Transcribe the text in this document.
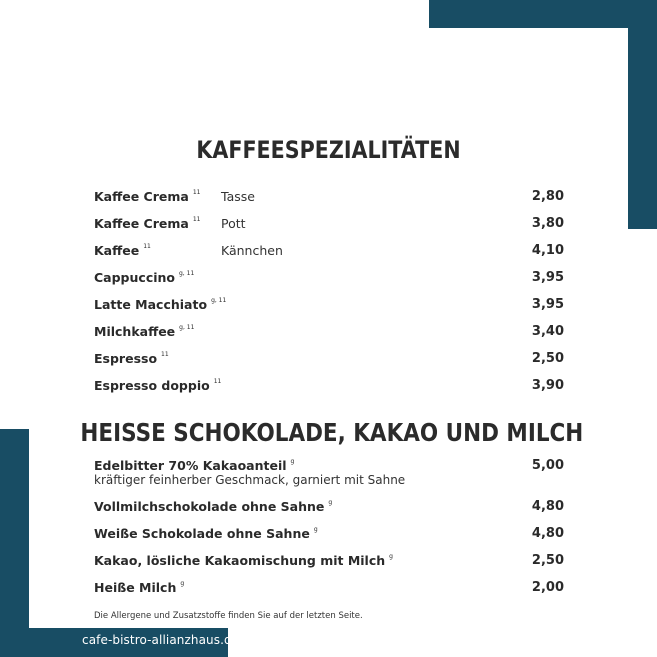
cafe-bistro-allianzhaus.de
KAFFEESPEZIALITÄTEN
Kaffee Crema $^{11}$ Tasse	2,80
Kaffee Crema $^{11}$ Pott	3,80
Kaffee $^{11}$	Kännchen	4,10
Cappuccino $^{g, 11}$	3,95
Latte Macchiato $^{g, 11}$	3,95
Milchkaffee $^{g, 11}$	3,40
Espresso $^{11}$	2,50
Espresso doppio $^{11}$	3,90
HEISSE SCHOKOLADE, KAKAO UND MILCH
Edelbitter 70% Kakaoanteil $^g$	5,00
kräftiger feinherber Geschmack, garniert mit Sahne
Vollmilchschokolade ohne Sahne $^g$	4,80
Weiße Schokolade ohne Sahne $^g$	4,80
Kakao, lösliche Kakaomischung mit Milch $^g$	2,50
Heiße Milch $^g$	2,00
Die Allergene und Zusatzstoffe finden Sie auf der letzten Seite.
